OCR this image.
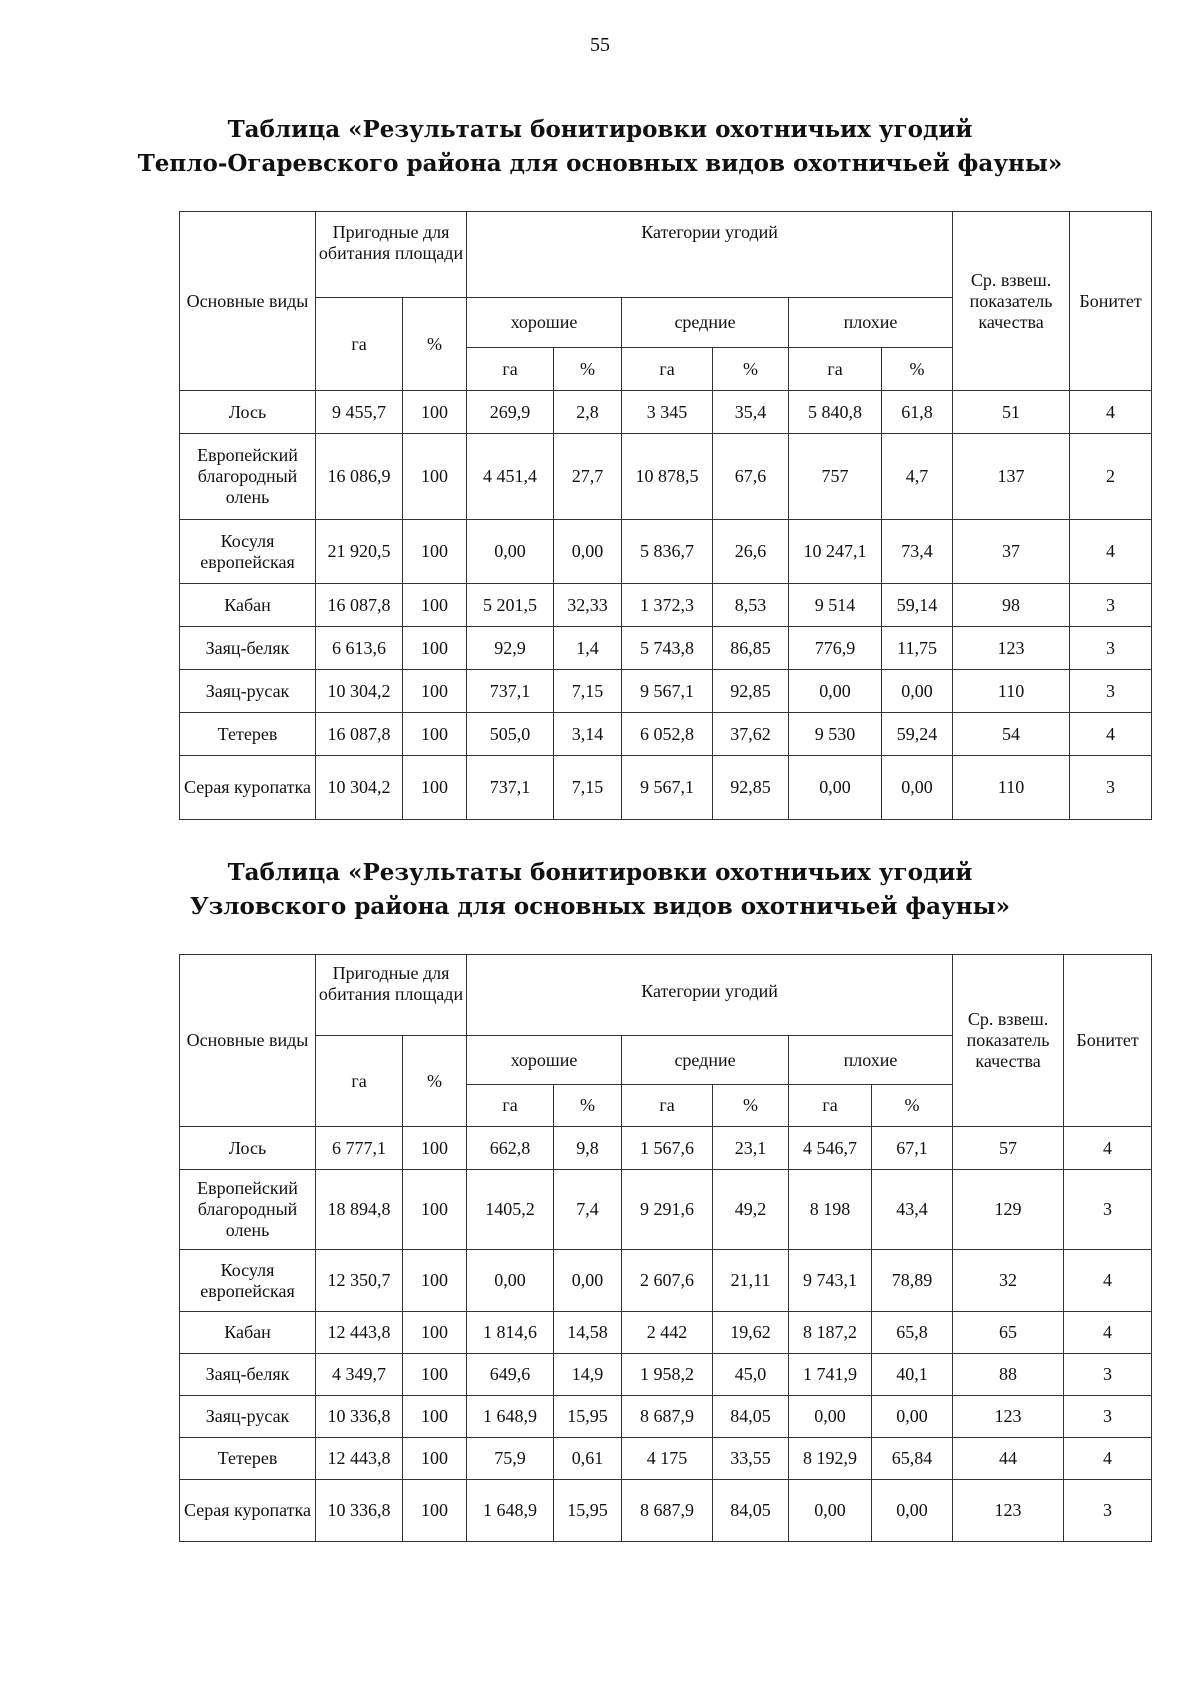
55
Таблица «Результаты бонитировки охотничьих угодий
Тепло-Огаревского района для основных видов охотничьей фауны»
Основные виды	Пригодные для обитания площади		Категории угодий						Ср. взвеш. показатель качества	Бонитет
	га	%	хорошие		средние		плохие			
			га	%	га	%	га	%		
Лось	9 455,7	100	269,9	2,8	3 345	35,4	5 840,8	61,8	51	4
Европейский благородный олень	16 086,9	100	4 451,4	27,7	10 878,5	67,6	757	4,7	137	2
Косуля европейская	21 920,5	100	0,00	0,00	5 836,7	26,6	10 247,1	73,4	37	4
Кабан	16 087,8	100	5 201,5	32,33	1 372,3	8,53	9 514	59,14	98	3
Заяц-беляк	6 613,6	100	92,9	1,4	5 743,8	86,85	776,9	11,75	123	3
Заяц-русак	10 304,2	100	737,1	7,15	9 567,1	92,85	0,00	0,00	110	3
Тетерев	16 087,8	100	505,0	3,14	6 052,8	37,62	9 530	59,24	54	4
Серая куропатка	10 304,2	100	737,1	7,15	9 567,1	92,85	0,00	0,00	110	3
Таблица «Результаты бонитировки охотничьих угодий
Узловского района для основных видов охотничьей фауны»
Основные виды	Пригодные для обитания площади		Категории угодий						Ср. взвеш. показатель качества	Бонитет
	га	%	хорошие		средние		плохие			
			га	%	га	%	га	%		
Лось	6 777,1	100	662,8	9,8	1 567,6	23,1	4 546,7	67,1	57	4
Европейский благородный олень	18 894,8	100	1405,2	7,4	9 291,6	49,2	8 198	43,4	129	3
Косуля европейская	12 350,7	100	0,00	0,00	2 607,6	21,11	9 743,1	78,89	32	4
Кабан	12 443,8	100	1 814,6	14,58	2 442	19,62	8 187,2	65,8	65	4
Заяц-беляк	4 349,7	100	649,6	14,9	1 958,2	45,0	1 741,9	40,1	88	3
Заяц-русак	10 336,8	100	1 648,9	15,95	8 687,9	84,05	0,00	0,00	123	3
Тетерев	12 443,8	100	75,9	0,61	4 175	33,55	8 192,9	65,84	44	4
Серая куропатка	10 336,8	100	1 648,9	15,95	8 687,9	84,05	0,00	0,00	123	3
